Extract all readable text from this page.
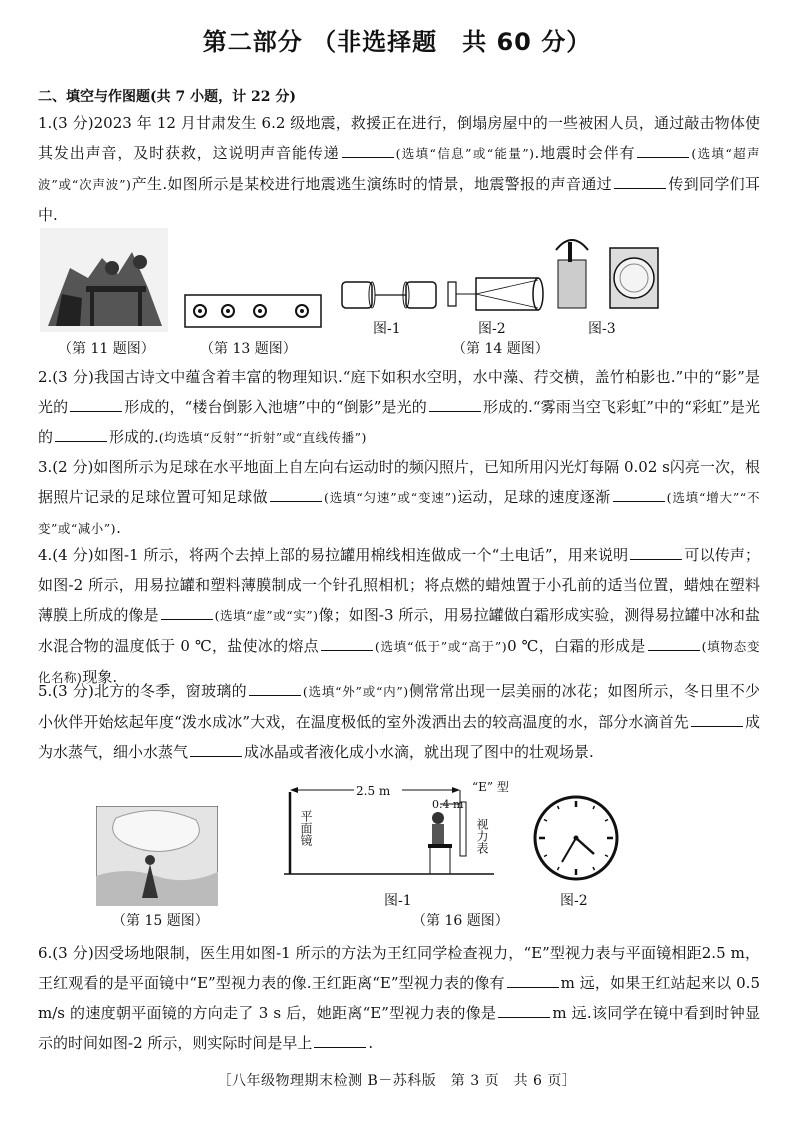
第二部分 （非选择题　共 60 分）
二、填空与作图题(共 7 小题，计 22 分)
1.(3 分)2023 年 12 月甘肃发生 6.2 级地震，救援正在进行，倒塌房屋中的一些被困人员，通过敲击物体使其发出声音，及时获救，这说明声音能传递	(选填“信息”或“能量”).地震时会伴有	(选填“超声波”或“次声波”)产生.如图所示是某校进行地震逃生演练时的情景，地震警报的声音通过	传到同学们耳中.
（第 11 题图）	（第 13 题图）
图-1	图-2	图-3
（第 14 题图）
2.(3 分)我国古诗文中蕴含着丰富的物理知识.“庭下如积水空明，水中藻、荇交横，盖竹柏影也.”中的“影”是光的	形成的，“楼台倒影入池塘”中的“倒影”是光的	形成的.“雾雨当空飞彩虹”中的“彩虹”是光的	形成的.(均选填“反射”“折射”或“直线传播”)
3.(2 分)如图所示为足球在水平地面上自左向右运动时的频闪照片，已知所用闪光灯每隔 0.02 s闪亮一次，根据照片记录的足球位置可知足球做	(选填“匀速”或“变速”)运动，足球的速度逐渐	(选填“增大”“不变”或“减小”).
4.(4 分)如图-1 所示，将两个去掉上部的易拉罐用棉线相连做成一个“土电话”，用来说明	可以传声；如图-2 所示，用易拉罐和塑料薄膜制成一个针孔照相机；将点燃的蜡烛置于小孔前的适当位置，蜡烛在塑料薄膜上所成的像是	(选填“虚”或“实”)像；如图-3 所示，用易拉罐做白霜形成实验，测得易拉罐中冰和盐水混合物的温度低于 0 ℃，盐使冰的熔点	(选填“低于”或“高于”)0 ℃，白霜的形成是	(填物态变化名称)现象.
5.(3 分)北方的冬季，窗玻璃的	(选填“外”或“内”)侧常常出现一层美丽的冰花；如图所示，冬日里不少小伙伴开始炫起年度“泼水成冰”大戏，在温度极低的室外泼洒出去的较高温度的水，部分水滴首先	成为水蒸气，细小水蒸气	成冰晶或者液化成小水滴，就出现了图中的壮观场景.
（第 15 题图）
2.5 m
0.4 m
“E” 型
平面镜	视力表
图-1	图-2
（第 16 题图）
6.(3 分)因受场地限制，医生用如图-1 所示的方法为王红同学检查视力，“E”型视力表与平面镜相距2.5 m，王红观看的是平面镜中“E”型视力表的像.王红距离“E”型视力表的像有	m 远，如果王红站起来以 0.5 m/s 的速度朝平面镜的方向走了 3 s 后，她距离“E”型视力表的像是	m 远.该同学在镜中看到时钟显示的时间如图-2 所示，则实际时间是早上	.
［八年级物理期末检测 B－苏科版　第 3 页　共 6 页］
